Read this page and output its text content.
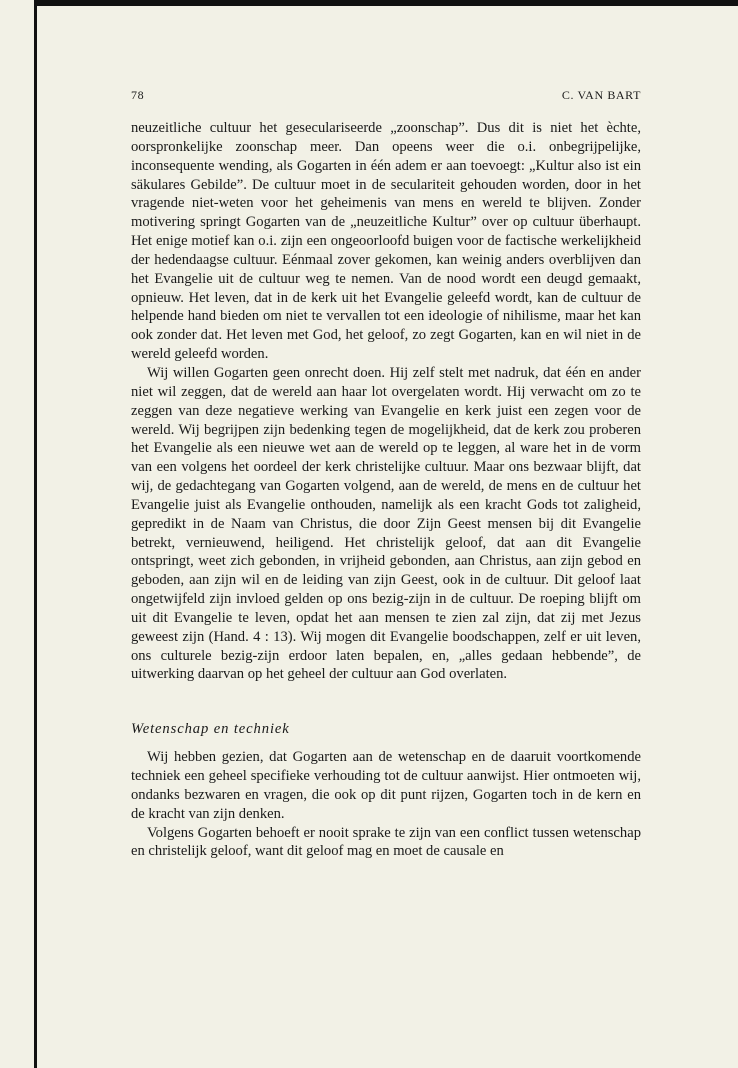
78	C. VAN BART

neuzeitliche cultuur het geseculariseerde „zoonschap”. Dus dit is niet het èchte, oorspronkelijke zoonschap meer. Dan opeens weer die o.i. onbegrijpelijke, inconsequente wending, als Gogarten in één adem er aan toevoegt: „Kultur also ist ein säkulares Gebilde”. De cultuur moet in de seculariteit gehouden worden, door in het vragende niet-weten voor het geheimenis van mens en wereld te blijven. Zonder motivering springt Gogarten van de „neuzeitliche Kultur” over op cultuur überhaupt. Het enige motief kan o.i. zijn een ongeoorloofd buigen voor de factische werkelijkheid der hedendaagse cultuur. Eénmaal zover gekomen, kan weinig anders overblijven dan het Evangelie uit de cultuur weg te nemen. Van de nood wordt een deugd gemaakt, opnieuw. Het leven, dat in de kerk uit het Evangelie geleefd wordt, kan de cultuur de helpende hand bieden om niet te vervallen tot een ideologie of nihilisme, maar het kan ook zonder dat. Het leven met God, het geloof, zo zegt Gogarten, kan en wil niet in de wereld geleefd worden.

Wij willen Gogarten geen onrecht doen. Hij zelf stelt met nadruk, dat één en ander niet wil zeggen, dat de wereld aan haar lot overgelaten wordt. Hij verwacht om zo te zeggen van deze negatieve werking van Evangelie en kerk juist een zegen voor de wereld. Wij begrijpen zijn bedenking tegen de mogelijkheid, dat de kerk zou proberen het Evangelie als een nieuwe wet aan de wereld op te leggen, al ware het in de vorm van een volgens het oordeel der kerk christelijke cultuur. Maar ons bezwaar blijft, dat wij, de gedachtegang van Gogarten volgend, aan de wereld, de mens en de cultuur het Evangelie juist als Evangelie onthouden, namelijk als een kracht Gods tot zaligheid, gepredikt in de Naam van Christus, die door Zijn Geest mensen bij dit Evangelie betrekt, vernieuwend, heiligend. Het christelijk geloof, dat aan dit Evangelie ontspringt, weet zich gebonden, in vrijheid gebonden, aan Christus, aan zijn gebod en geboden, aan zijn wil en de leiding van zijn Geest, ook in de cultuur. Dit geloof laat ongetwijfeld zijn invloed gelden op ons bezig-zijn in de cultuur. De roeping blijft om uit dit Evangelie te leven, opdat het aan mensen te zien zal zijn, dat zij met Jezus geweest zijn (Hand. 4 : 13). Wij mogen dit Evangelie boodschappen, zelf er uit leven, ons culturele bezig-zijn erdoor laten bepalen, en, „alles gedaan hebbende”, de uitwerking daarvan op het geheel der cultuur aan God overlaten.

Wetenschap en techniek

Wij hebben gezien, dat Gogarten aan de wetenschap en de daaruit voortkomende techniek een geheel specifieke verhouding tot de cultuur aanwijst. Hier ontmoeten wij, ondanks bezwaren en vragen, die ook op dit punt rijzen, Gogarten toch in de kern en de kracht van zijn denken.

Volgens Gogarten behoeft er nooit sprake te zijn van een conflict tussen wetenschap en christelijk geloof, want dit geloof mag en moet de causale en
